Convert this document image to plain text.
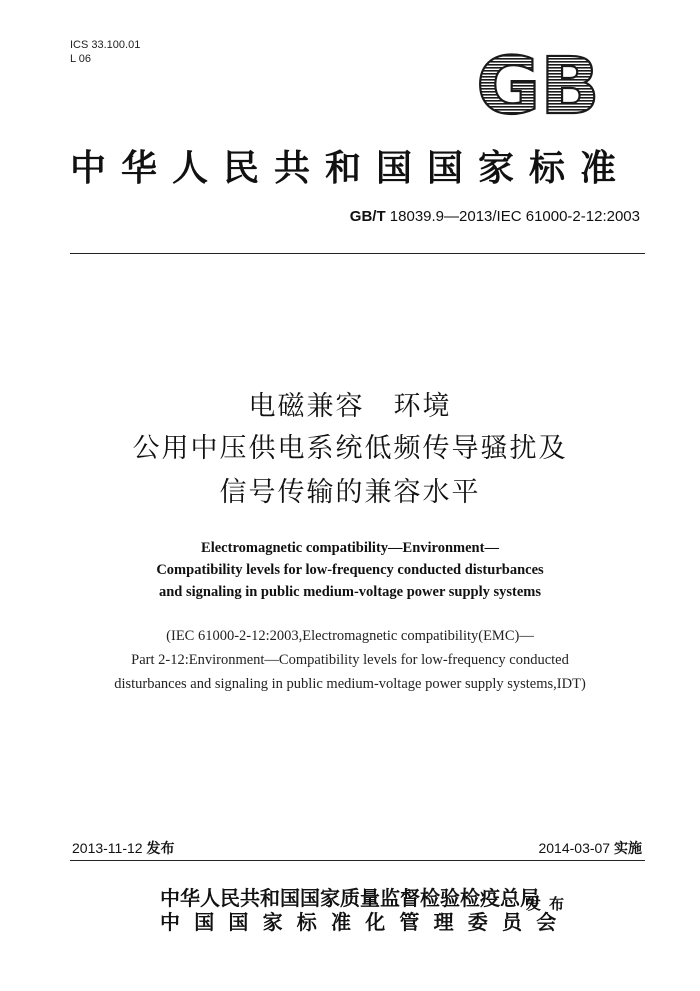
ICS 33.100.01
L 06	GB
中华人民共和国国家标准
GB/T 18039.9—2013/IEC 61000-2-12:2003
电磁兼容　环境
公用中压供电系统低频传导骚扰及
信号传输的兼容水平
Electromagnetic compatibility—Environment—
Compatibility levels for low-frequency conducted disturbances
and signaling in public medium-voltage power supply systems
(IEC 61000-2-12:2003,Electromagnetic compatibility(EMC)—
Part 2-12:Environment—Compatibility levels for low-frequency conducted
disturbances and signaling in public medium-voltage power supply systems,IDT)
2013-11-12 发布	2014-03-07 实施
中华人民共和国国家质量监督检验检疫总局
中国国家标准化管理委员会
发布
